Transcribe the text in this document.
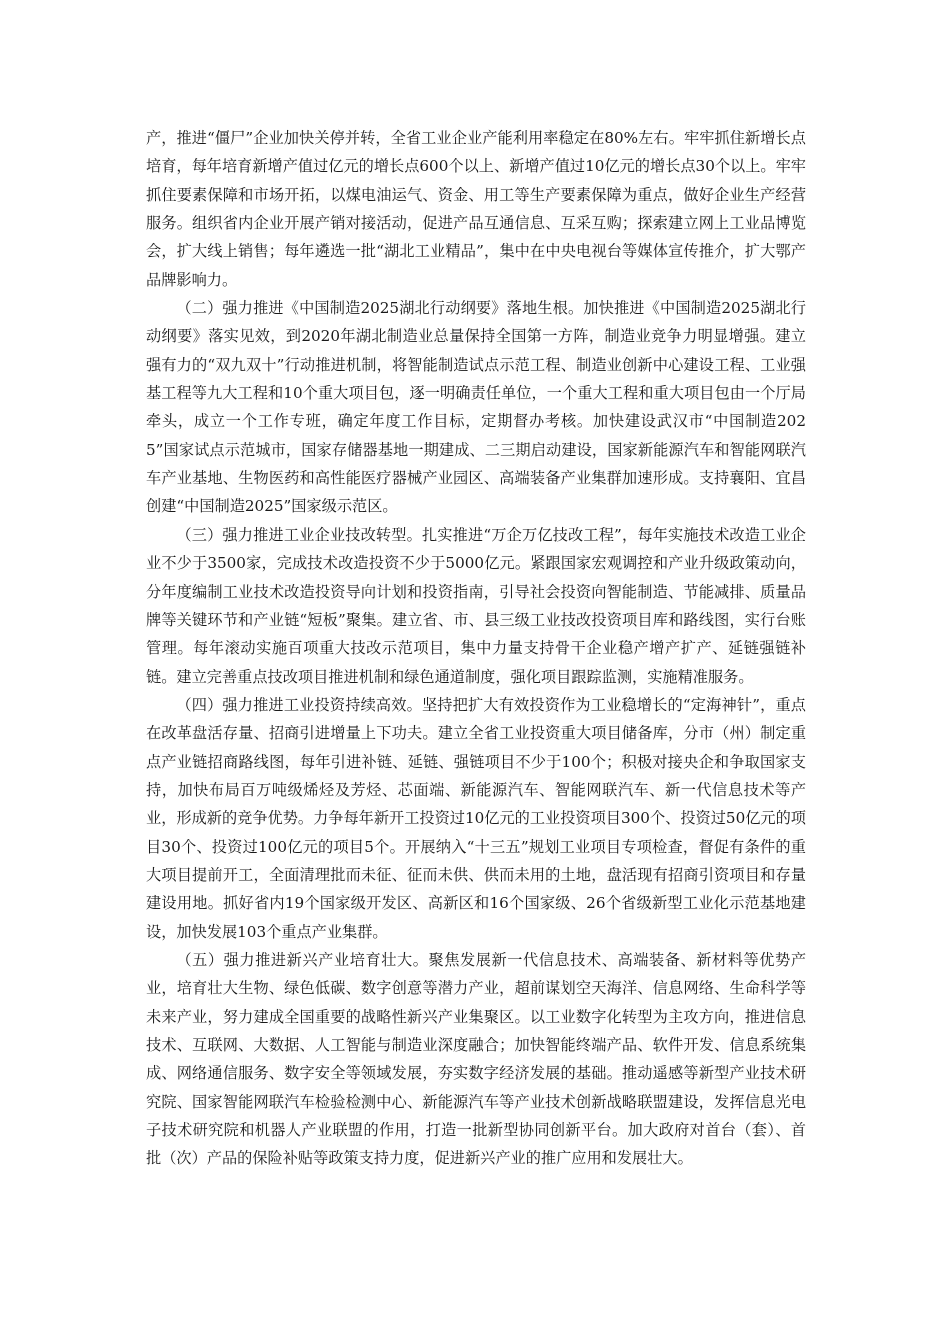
产，推进“僵尸”企业加快关停并转，全省工业企业产能利用率稳定在80%左右。牢牢抓住新增长点培育，每年培育新增产值过亿元的增长点600个以上、新增产值过10亿元的增长点30个以上。牢牢抓住要素保障和市场开拓，以煤电油运气、资金、用工等生产要素保障为重点，做好企业生产经营服务。组织省内企业开展产销对接活动，促进产品互通信息、互采互购；探索建立网上工业品博览会，扩大线上销售；每年遴选一批“湖北工业精品”，集中在中央电视台等媒体宣传推介，扩大鄂产品牌影响力。

（二）强力推进《中国制造2025湖北行动纲要》落地生根。加快推进《中国制造2025湖北行动纲要》落实见效，到2020年湖北制造业总量保持全国第一方阵，制造业竞争力明显增强。建立强有力的“双九双十”行动推进机制，将智能制造试点示范工程、制造业创新中心建设工程、工业强基工程等九大工程和10个重大项目包，逐一明确责任单位，一个重大工程和重大项目包由一个厅局牵头，成立一个工作专班，确定年度工作目标，定期督办考核。加快建设武汉市“中国制造2025”国家试点示范城市，国家存储器基地一期建成、二三期启动建设，国家新能源汽车和智能网联汽车产业基地、生物医药和高性能医疗器械产业园区、高端装备产业集群加速形成。支持襄阳、宜昌创建“中国制造2025”国家级示范区。

（三）强力推进工业企业技改转型。扎实推进“万企万亿技改工程”，每年实施技术改造工业企业不少于3500家，完成技术改造投资不少于5000亿元。紧跟国家宏观调控和产业升级政策动向，分年度编制工业技术改造投资导向计划和投资指南，引导社会投资向智能制造、节能减排、质量品牌等关键环节和产业链“短板”聚集。建立省、市、县三级工业技改投资项目库和路线图，实行台账管理。每年滚动实施百项重大技改示范项目，集中力量支持骨干企业稳产增产扩产、延链强链补链。建立完善重点技改项目推进机制和绿色通道制度，强化项目跟踪监测，实施精准服务。

（四）强力推进工业投资持续高效。坚持把扩大有效投资作为工业稳增长的“定海神针”，重点在改革盘活存量、招商引进增量上下功夫。建立全省工业投资重大项目储备库，分市（州）制定重点产业链招商路线图，每年引进补链、延链、强链项目不少于100个；积极对接央企和争取国家支持，加快布局百万吨级烯烃及芳烃、芯面端、新能源汽车、智能网联汽车、新一代信息技术等产业，形成新的竞争优势。力争每年新开工投资过10亿元的工业投资项目300个、投资过50亿元的项目30个、投资过100亿元的项目5个。开展纳入“十三五”规划工业项目专项检查，督促有条件的重大项目提前开工，全面清理批而未征、征而未供、供而未用的土地，盘活现有招商引资项目和存量建设用地。抓好省内19个国家级开发区、高新区和16个国家级、26个省级新型工业化示范基地建设，加快发展103个重点产业集群。

（五）强力推进新兴产业培育壮大。聚焦发展新一代信息技术、高端装备、新材料等优势产业，培育壮大生物、绿色低碳、数字创意等潜力产业，超前谋划空天海洋、信息网络、生命科学等未来产业，努力建成全国重要的战略性新兴产业集聚区。以工业数字化转型为主攻方向，推进信息技术、互联网、大数据、人工智能与制造业深度融合；加快智能终端产品、软件开发、信息系统集成、网络通信服务、数字安全等领域发展，夯实数字经济发展的基础。推动遥感等新型产业技术研究院、国家智能网联汽车检验检测中心、新能源汽车等产业技术创新战略联盟建设，发挥信息光电子技术研究院和机器人产业联盟的作用，打造一批新型协同创新平台。加大政府对首台（套）、首批（次）产品的保险补贴等政策支持力度，促进新兴产业的推广应用和发展壮大。
